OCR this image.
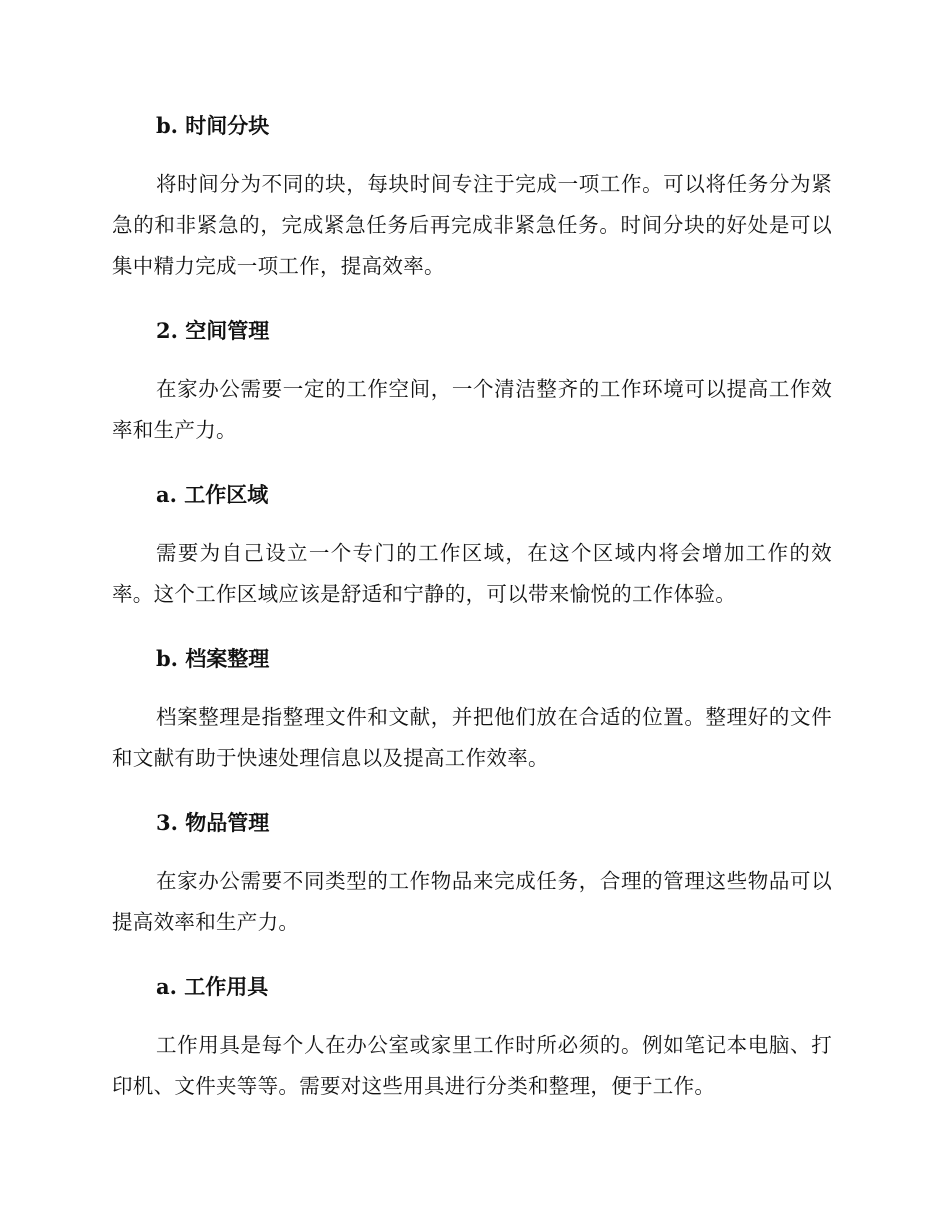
b. 时间分块

将时间分为不同的块，每块时间专注于完成一项工作。可以将任务分为紧急的和非紧急的，完成紧急任务后再完成非紧急任务。时间分块的好处是可以集中精力完成一项工作，提高效率。

2. 空间管理

在家办公需要一定的工作空间，一个清洁整齐的工作环境可以提高工作效率和生产力。

a. 工作区域

需要为自己设立一个专门的工作区域，在这个区域内将会增加工作的效率。这个工作区域应该是舒适和宁静的，可以带来愉悦的工作体验。

b. 档案整理

档案整理是指整理文件和文献，并把他们放在合适的位置。整理好的文件和文献有助于快速处理信息以及提高工作效率。

3. 物品管理

在家办公需要不同类型的工作物品来完成任务，合理的管理这些物品可以提高效率和生产力。

a. 工作用具

工作用具是每个人在办公室或家里工作时所必须的。例如笔记本电脑、打印机、文件夹等等。需要对这些用具进行分类和整理，便于工作。
